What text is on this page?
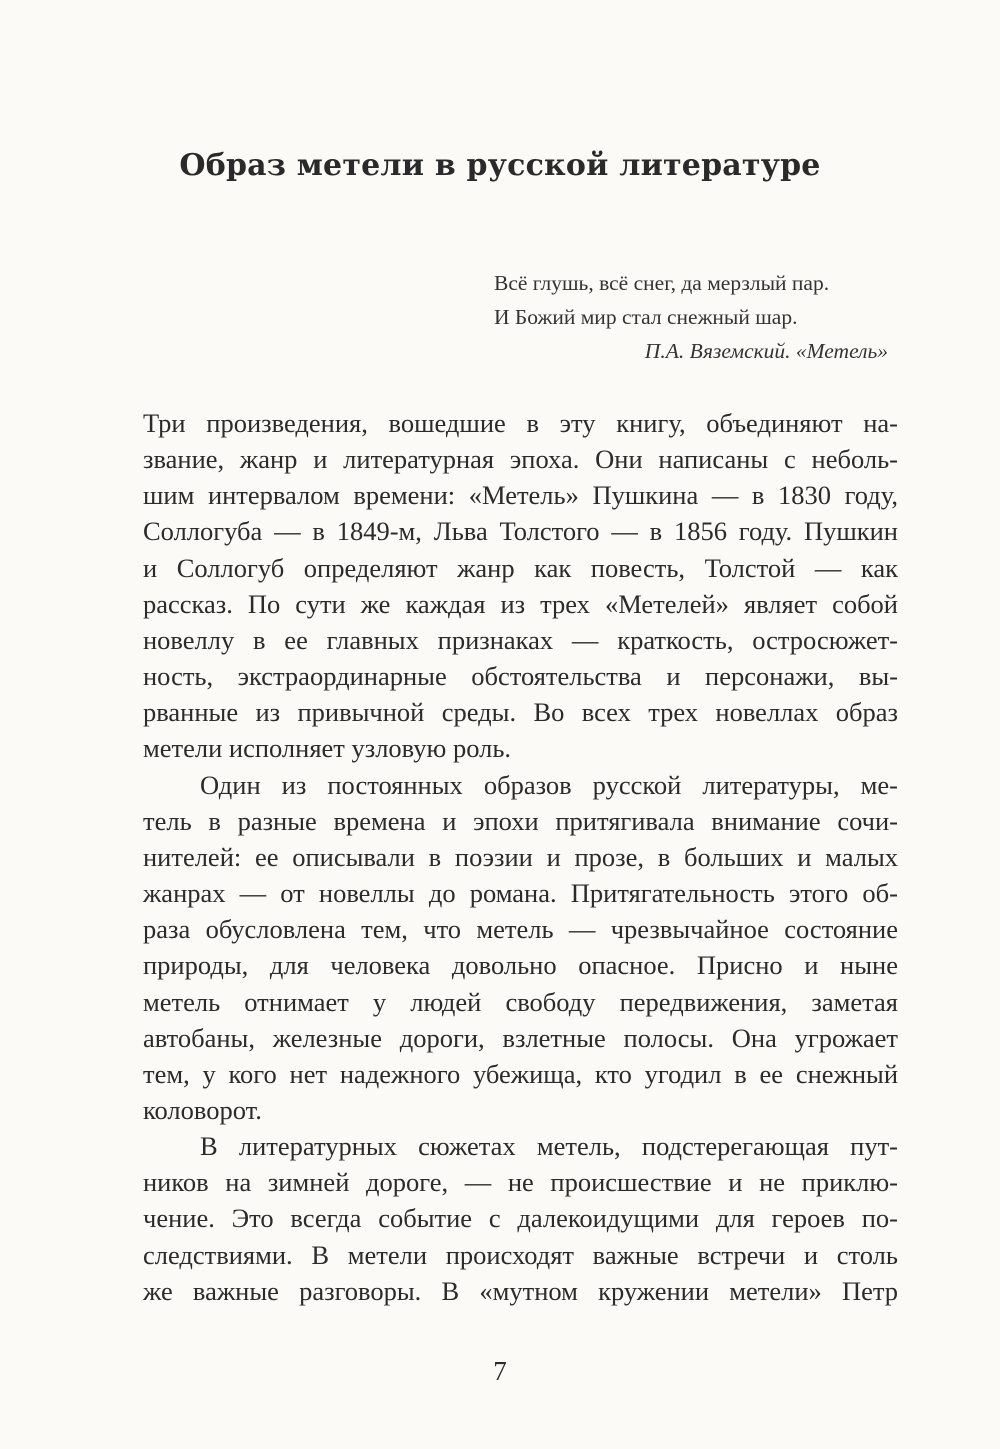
Образ метели в русской литературе
Всё глушь, всё снег, да мерзлый пар.
И Божий мир стал снежный шар.
П.А. Вяземский. «Метель»
Три произведения, вошедшие в эту книгу, объединяют на-
звание, жанр и литературная эпоха. Они написаны с неболь-
шим интервалом времени: «Метель» Пушкина — в 1830 году,
Соллогуба — в 1849-м, Льва Толстого — в 1856 году. Пушкин
и Соллогуб определяют жанр как повесть, Толстой — как
рассказ. По сути же каждая из трех «Метелей» являет собой
новеллу в ее главных признаках — краткость, остросюжет-
ность, экстраординарные обстоятельства и персонажи, вы-
рванные из привычной среды. Во всех трех новеллах образ
метели исполняет узловую роль.
Один из постоянных образов русской литературы, ме-
тель в разные времена и эпохи притягивала внимание сочи-
нителей: ее описывали в поэзии и прозе, в больших и малых
жанрах — от новеллы до романа. Притягательность этого об-
раза обусловлена тем, что метель — чрезвычайное состояние
природы, для человека довольно опасное. Присно и ныне
метель отнимает у людей свободу передвижения, заметая
автобаны, железные дороги, взлетные полосы. Она угрожает
тем, у кого нет надежного убежища, кто угодил в ее снежный
коловорот.
В литературных сюжетах метель, подстерегающая пут-
ников на зимней дороге, — не происшествие и не приклю-
чение. Это всегда событие с далекоидущими для героев по-
следствиями. В метели происходят важные встречи и столь
же важные разговоры. В «мутном кружении метели» Петр
7
